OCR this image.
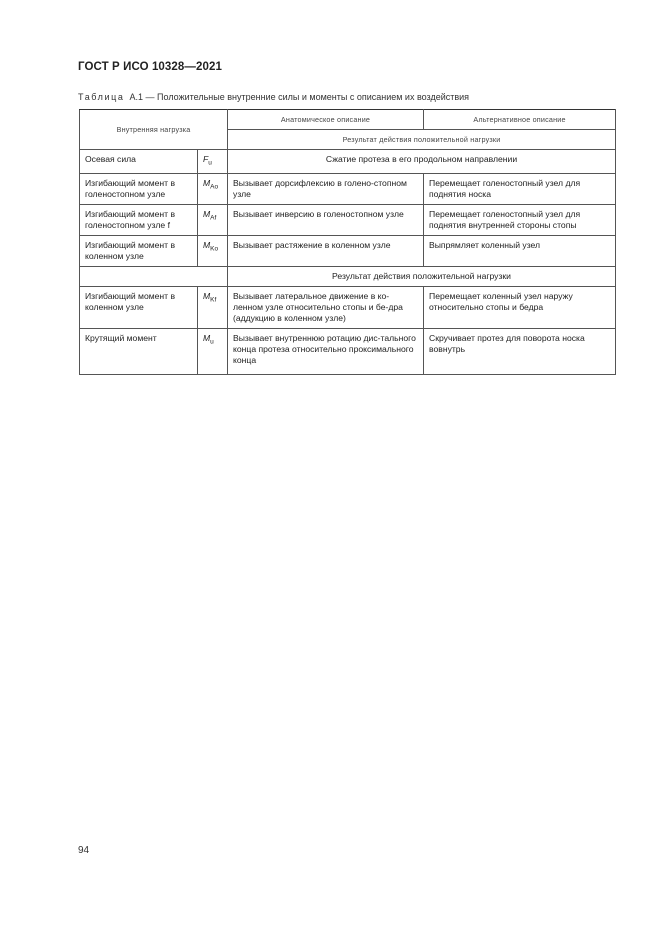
ГОСТ Р ИСО 10328—2021
Таблица А.1 — Положительные внутренние силы и моменты с описанием их воздействия
Внутренняя нагрузка		Анатомическое описание	Альтернативное описание
		Результат действия положительной нагрузки	
Осевая сила	$F_u$	Сжатие протеза в его продольном направлении	
Изгибающий момент в голеностопном узле	$M_{Ao}$	Вызывает дорсифлексию в голено-стопном узле	Перемещает голеностопный узел для поднятия носка
Изгибающий момент в голеностопном узле f	$M_{Af}$	Вызывает инверсию в голеностопном узле	Перемещает голеностопный узел для поднятия внутренней стороны стопы
Изгибающий момент в коленном узле	$M_{Ko}$	Вызывает растяжение в коленном узле	Выпрямляет коленный узел
		Результат действия положительной нагрузки	
Изгибающий момент в коленном узле	$M_{Kf}$	Вызывает латеральное движение в ко-ленном узле относительно стопы и бе-дра (аддукцию в коленном узле)	Перемещает коленный узел наружу относительно стопы и бедра
Крутящий момент	$M_u$	Вызывает внутреннюю ротацию дис-тального конца протеза относительно проксимального конца	Скручивает протез для поворота носка вовнутрь
94
